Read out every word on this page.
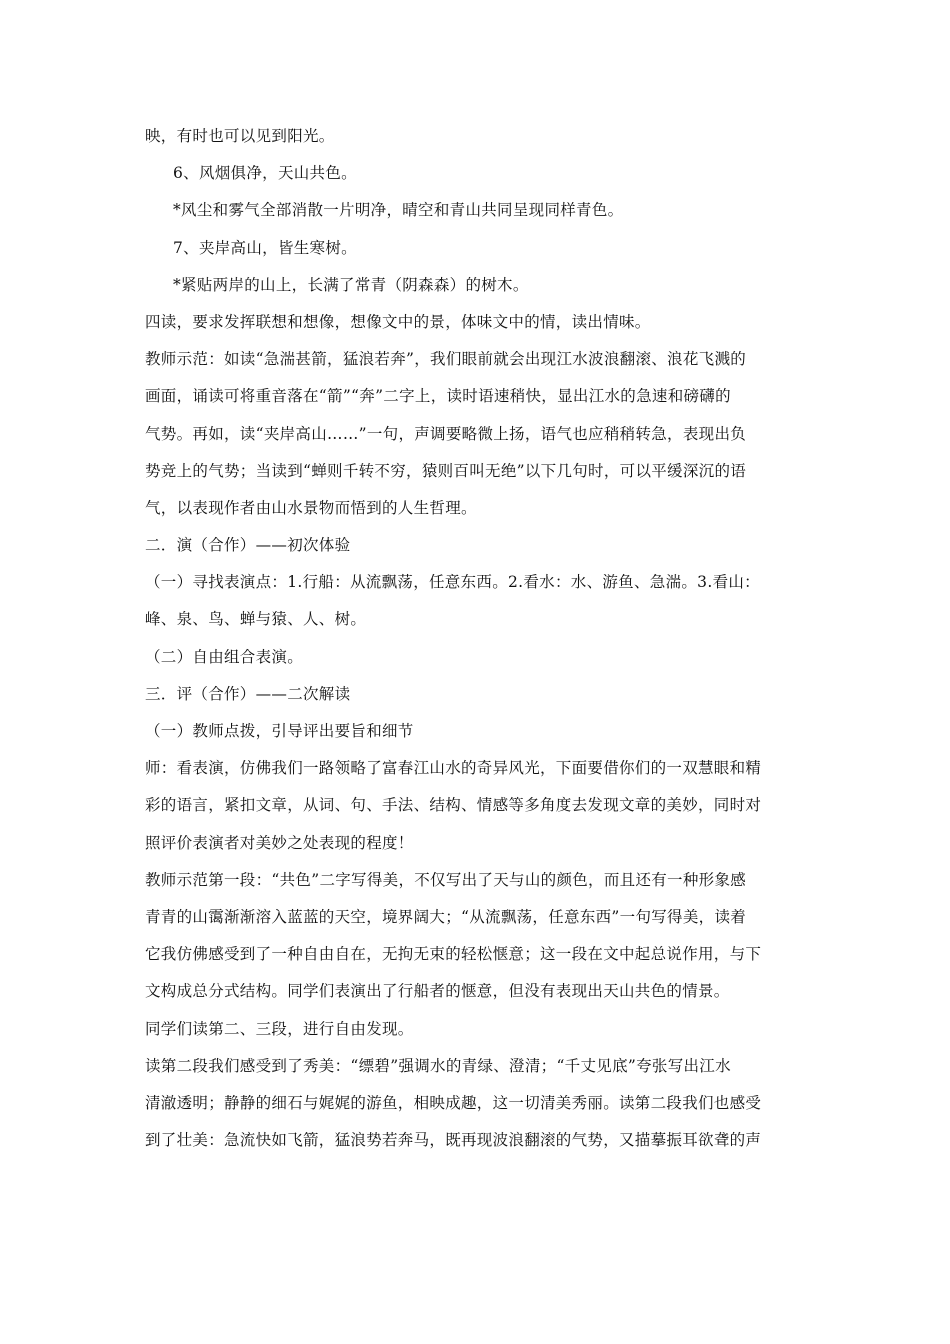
映，有时也可以见到阳光。
6、风烟俱净，天山共色。
*风尘和雾气全部消散一片明净，晴空和青山共同呈现同样青色。
7、夹岸高山，皆生寒树。
*紧贴两岸的山上，长满了常青（阴森森）的树木。
四读，要求发挥联想和想像，想像文中的景，体味文中的情，读出情味。
教师示范：如读“急湍甚箭，猛浪若奔”，我们眼前就会出现江水波浪翻滚、浪花飞溅的
画面，诵读可将重音落在“箭”“奔”二字上，读时语速稍快，显出江水的急速和磅礴的
气势。再如，读“夹岸高山……”一句，声调要略微上扬，语气也应稍稍转急，表现出负
势竞上的气势；当读到“蝉则千转不穷，猿则百叫无绝”以下几句时，可以平缓深沉的语
气，以表现作者由山水景物而悟到的人生哲理。
二．演（合作）——初次体验
（一）寻找表演点：1.行船：从流飘荡，任意东西。2.看水：水、游鱼、急湍。3.看山：
峰、泉、鸟、蝉与猿、人、树。
（二）自由组合表演。
三．评（合作）——二次解读
（一）教师点拨，引导评出要旨和细节
师：看表演，仿佛我们一路领略了富春江山水的奇异风光，下面要借你们的一双慧眼和精
彩的语言，紧扣文章，从词、句、手法、结构、情感等多角度去发现文章的美妙，同时对
照评价表演者对美妙之处表现的程度！
教师示范第一段：“共色”二字写得美，不仅写出了天与山的颜色，而且还有一种形象感
青青的山霭渐渐溶入蓝蓝的天空，境界阔大；“从流飘荡，任意东西”一句写得美，读着
它我仿佛感受到了一种自由自在，无拘无束的轻松惬意；这一段在文中起总说作用，与下
文构成总分式结构。同学们表演出了行船者的惬意，但没有表现出天山共色的情景。
同学们读第二、三段，进行自由发现。
读第二段我们感受到了秀美：“缥碧”强调水的青绿、澄清；“千丈见底”夸张写出江水
清澈透明；静静的细石与娓娓的游鱼，相映成趣，这一切清美秀丽。读第二段我们也感受
到了壮美：急流快如飞箭，猛浪势若奔马，既再现波浪翻滚的气势，又描摹振耳欲聋的声
